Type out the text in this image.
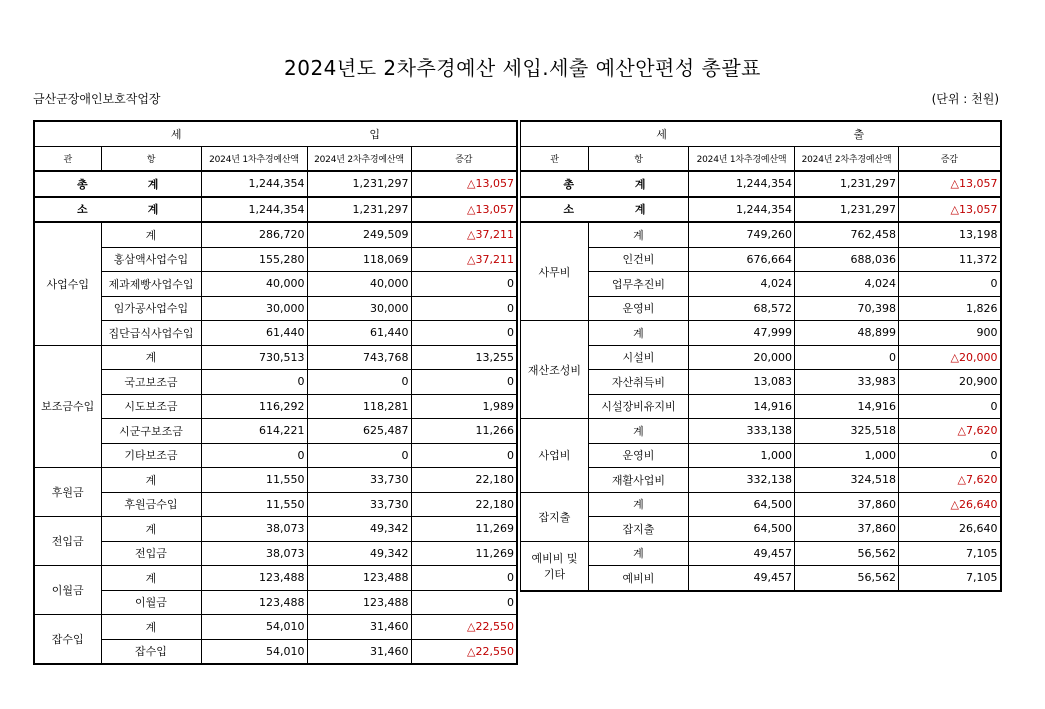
2024년도 2차추경예산 세입.세출 예산안편성 총괄표
금산군장애인보호작업장	(단위 : 천원)
세 입				

관	항	2024년 1차추경예산액	2024년 2차추경예산액	증감

총 계		1,244,354	1,231,297	△13,057

소 계		1,244,354	1,231,297	△13,057
사업수입	계	286,720	249,509	△37,211
	홍삼액사업수입	155,280	118,069	△37,211
	제과제빵사업수입	40,000	40,000	0
	임가공사업수입	30,000	30,000	0
	집단급식사업수입	61,440	61,440	0
보조금수입	계	730,513	743,768	13,255
	국고보조금	0	0	0
	시도보조금	116,292	118,281	1,989
	시군구보조금	614,221	625,487	11,266
	기타보조금	0	0	0
후원금	계	11,550	33,730	22,180
	후원금수입	11,550	33,730	22,180
전입금	계	38,073	49,342	11,269
	전입금	38,073	49,342	11,269
이월금	계	123,488	123,488	0
	이월금	123,488	123,488	0
잡수입	계	54,010	31,460	△22,550
	잡수입	54,010	31,460	△22,550
세 출				

관	항	2024년 1차추경예산액	2024년 2차추경예산액	증감

총 계		1,244,354	1,231,297	△13,057

소 계		1,244,354	1,231,297	△13,057
사무비	계	749,260	762,458	13,198
	인건비	676,664	688,036	11,372
	업무추진비	4,024	4,024	0
	운영비	68,572	70,398	1,826
재산조성비	계	47,999	48,899	900
	시설비	20,000	0	△20,000
	자산취득비	13,083	33,983	20,900
	시설장비유지비	14,916	14,916	0
사업비	계	333,138	325,518	△7,620
	운영비	1,000	1,000	0
	재활사업비	332,138	324,518	△7,620
잡지출	계	64,500	37,860	△26,640
	잡지출	64,500	37,860	26,640
예비비 및
기타	계	49,457	56,562	7,105
	예비비	49,457	56,562	7,105
